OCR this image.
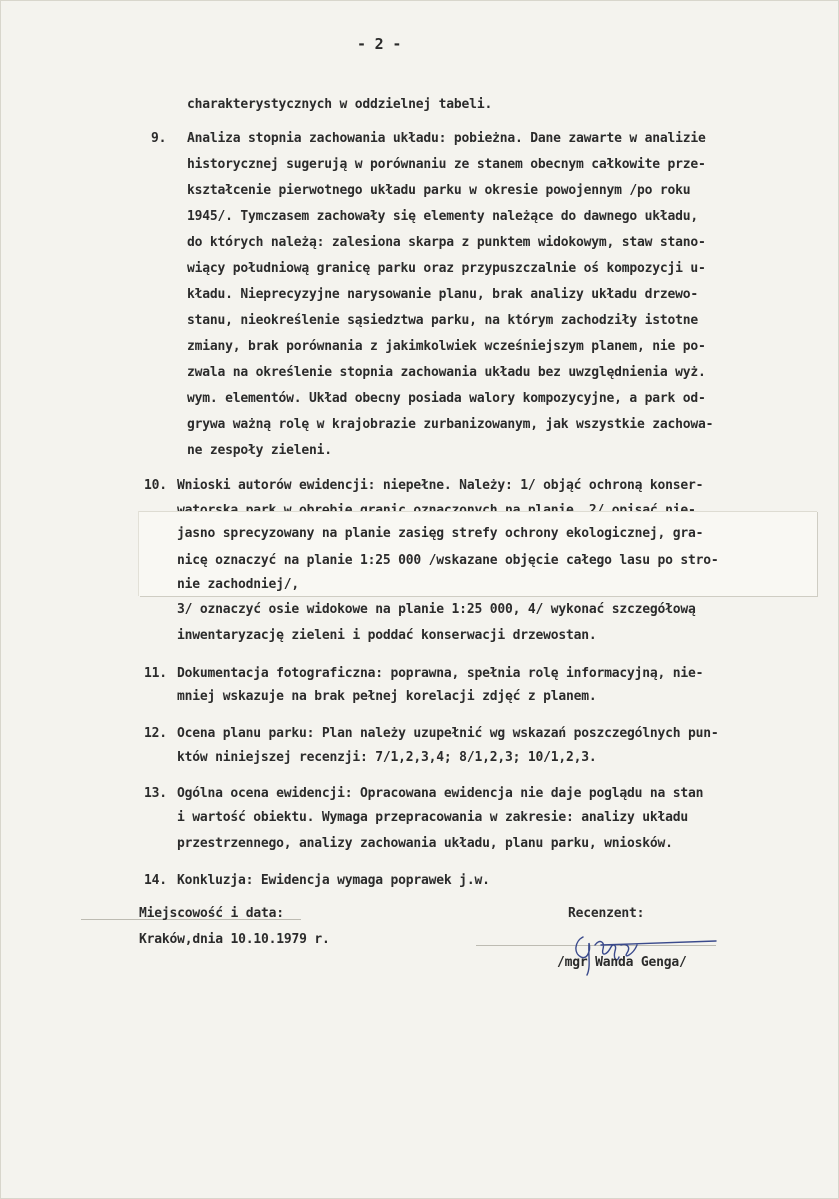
- 2 -
charakterystycznych w oddzielnej tabeli.
9. Analiza stopnia zachowania układu: pobieżna. Dane zawarte w analizie
historycznej sugerują w porównaniu ze stanem obecnym całkowite prze-
kształcenie pierwotnego układu parku w okresie powojennym /po roku
1945/. Tymczasem zachowały się elementy należące do dawnego układu,
do których należą: zalesiona skarpa z punktem widokowym, staw stano-
wiący południową granicę parku oraz przypuszczalnie oś kompozycji u-
kładu. Nieprecyzyjne narysowanie planu, brak analizy układu drzewo-
stanu, nieokreślenie sąsiedztwa parku, na którym zachodziły istotne
zmiany, brak porównania z jakimkolwiek wcześniejszym planem, nie po-
zwala na określenie stopnia zachowania układu bez uwzględnienia wyż.
wym. elementów. Układ obecny posiada walory kompozycyjne, a park od-
grywa ważną rolę w krajobrazie zurbanizowanym, jak wszystkie zachowa-
ne zespoły zieleni.
10. Wnioski autorów ewidencji: niepełne. Należy: 1/ objąć ochroną konser-
jasno sprecyzowany na planie zasięg strefy ochrony ekologicznej, gra-
nicę oznaczyć na planie 1:25 000 /wskazane objęcie całego lasu po stro-
nie zachodniej/,
3/ oznaczyć osie widokowe na planie 1:25 000, 4/ wykonać szczegółową
inwentaryzację zieleni i poddać konserwacji drzewostan.
11. Dokumentacja fotograficzna: poprawna, spełnia rolę informacyjną, nie-
mniej wskazuje na brak pełnej korelacji zdjęć z planem.
12. Ocena planu parku: Plan należy uzupełnić wg wskazań poszczególnych pun-
któw niniejszej recenzji: 7/1,2,3,4; 8/1,2,3; 10/1,2,3.
13. Ogólna ocena ewidencji: Opracowana ewidencja nie daje poglądu na stan
i wartość obiektu. Wymaga przepracowania w zakresie: analizy układu
przestrzennego, analizy zachowania układu, planu parku, wniosków.
14. Konkluzja: Ewidencja wymaga poprawek j.w.
Miejscowość i data:
Kraków,dnia 10.10.1979 r.
Recenzent:
/mgr Wanda Genga/
